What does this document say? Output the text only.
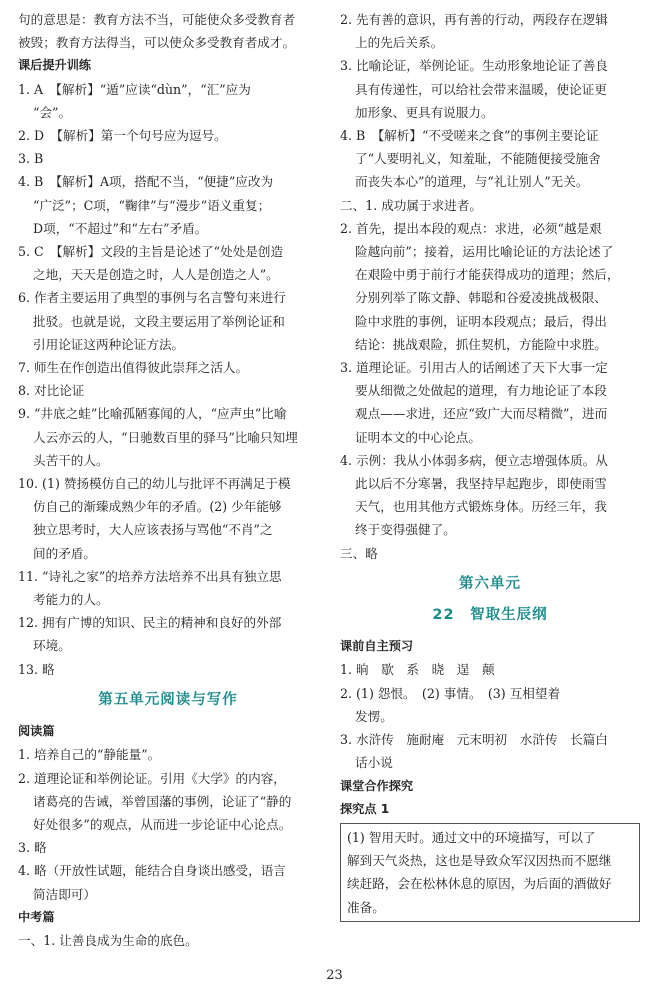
句的意思是：教育方法不当，可能使众多受教育者
被毁；教育方法得当，可以使众多受教育者成才。
课后提升训练
1. A　【解析】“遁”应读“dùn”，“汇”应为
“会”。
2. D　【解析】第一个句号应为逗号。
3. B
4. B　【解析】A项，搭配不当，“便捷”应改为
“广泛”；C项，“鞠律”与“漫步”语义重复；
D项，“不超过”和“左右”矛盾。
5. C　【解析】文段的主旨是论述了“处处是创造
之地，天天是创造之时，人人是创造之人”。
6. 作者主要运用了典型的事例与名言警句来进行
批驳。也就是说，文段主要运用了举例论证和
引用论证这两种论证方法。
7. 师生在作创造出值得彼此崇拜之活人。
8. 对比论证
9. “井底之蛙”比喻孤陋寡闻的人，“应声虫”比喻
人云亦云的人，“日驰数百里的驿马”比喻只知埋
头苦干的人。
10. (1) 赞扬模仿自己的幼儿与批评不再满足于模
仿自己的渐臻成熟少年的矛盾。(2) 少年能够
独立思考时，大人应该表扬与骂他“不肖”之
间的矛盾。
11. “诗礼之家”的培养方法培养不出具有独立思
考能力的人。
12. 拥有广博的知识、民主的精神和良好的外部
环境。
13. 略
第五单元阅读与写作
阅读篇
1. 培养自己的“静能量”。
2. 道理论证和举例论证。引用《大学》的内容，
诸葛亮的告诫，举曾国藩的事例，论证了“静的
好处很多”的观点，从而进一步论证中心论点。
3. 略
4. 略（开放性试题，能结合自身谈出感受，语言
简洁即可）
中考篇
一、1. 让善良成为生命的底色。
2. 先有善的意识，再有善的行动，两段存在逻辑
上的先后关系。
3. 比喻论证，举例论证。生动形象地论证了善良
具有传递性，可以给社会带来温暖，使论证更
加形象、更具有说服力。
4. B　【解析】“不受嗟来之食”的事例主要论证
了“人要明礼义，知羞耻，不能随便接受施舍
而丧失本心”的道理，与“礼让别人”无关。
二、1. 成功属于求进者。
2. 首先，提出本段的观点：求进，必须“越是艰
险越向前”；接着，运用比喻论证的方法论述了
在艰险中勇于前行才能获得成功的道理；然后，
分别列举了陈文静、韩聪和谷爱凌挑战极限、
险中求胜的事例，证明本段观点；最后，得出
结论：挑战艰险，抓住契机，方能险中求胜。
3. 道理论证。引用古人的话阐述了天下大事一定
要从细微之处做起的道理，有力地论证了本段
观点——求进，还应“致广大而尽精微”，进而
证明本文的中心论点。
4. 示例：我从小体弱多病，便立志增强体质。从
此以后不分寒暑，我坚持早起跑步，即使雨雪
天气，也用其他方式锻炼身体。历经三年，我
终于变得强健了。
三、略
第六单元
22　智取生辰纲
课前自主预习
1. 晌　歇　系　晓　逞　颠
2. (1) 怨恨。　(2) 事情。　(3) 互相望着
发愣。
3. 水浒传　施耐庵　元末明初　水浒传　长篇白
话小说
课堂合作探究
探究点 1
(1) 智用天时。通过文中的环境描写，可以了
解到天气炎热，这也是导致众军汉因热而不愿继
续赶路，会在松林休息的原因，为后面的酒做好
准备。
23
